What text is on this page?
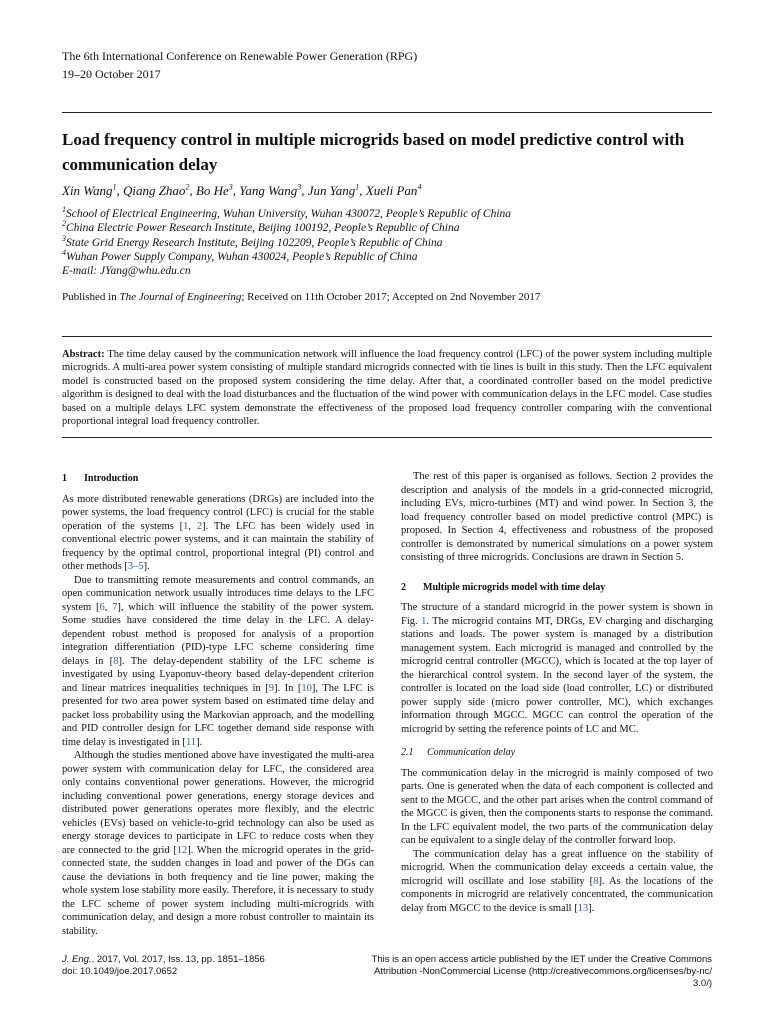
The 6th International Conference on Renewable Power Generation (RPG)
19–20 October 2017
Load frequency control in multiple microgrids based on model predictive control with communication delay
Xin Wang$^1$, Qiang Zhao$^2$, Bo He$^3$, Yang Wang$^3$, Jun Yang$^1$, Xueli Pan$^4$
$^1$School of Electrical Engineering, Wuhan University, Wuhan 430072, People’s Republic of China
$^2$China Electric Power Research Institute, Beijing 100192, People’s Republic of China
$^3$State Grid Energy Research Institute, Beijing 102209, People’s Republic of China
$^4$Wuhan Power Supply Company, Wuhan 430024, People’s Republic of China
E-mail: JYang@whu.edu.cn
Published in The Journal of Engineering; Received on 11th October 2017; Accepted on 2nd November 2017
Abstract: The time delay caused by the communication network will influence the load frequency control (LFC) of the power system including multiple microgrids. A multi-area power system consisting of multiple standard microgrids connected with tie lines is built in this study. Then the LFC equivalent model is constructed based on the proposed system considering the time delay. After that, a coordinated controller based on the model predictive algorithm is designed to deal with the load disturbances and the fluctuation of the wind power with communication delays in the LFC model. Case studies based on a multiple delays LFC system demonstrate the effectiveness of the proposed load frequency controller comparing with the conventional proportional integral load frequency controller.
1 Introduction

As more distributed renewable generations (DRGs) are included into the power systems, the load frequency control (LFC) is crucial for the stable operation of the systems [1, 2]. The LFC has been widely used in conventional electric power systems, and it can maintain the stability of frequency by the optimal control, proportional integral (PI) control and other methods [3–5].

Due to transmitting remote measurements and control commands, an open communication network usually introduces time delays to the LFC system [6, 7], which will influence the stability of the power system. Some studies have considered the time delay in the LFC. A delay-dependent robust method is proposed for analysis of a proportion integration differentiation (PID)-type LFC scheme considering time delays in [8]. The delay-dependent stability of the LFC scheme is investigated by using Lyaponuv-theory based delay-dependent criterion and linear matrices inequalities techniques in [9]. In [10], The LFC is presented for two area power system based on estimated time delay and packet loss probability using the Markovian approach, and the modelling and PID controller design for LFC together demand side response with time delay is investigated in [11].

Although the studies mentioned above have investigated the multi-area power system with communication delay for LFC, the considered area only contains conventional power generations. However, the microgrid including conventional power generations, energy storage devices and distributed power generations operates more flexibly, and the electric vehicles (EVs) based on vehicle-to-grid technology can also be used as energy storage devices to participate in LFC to reduce costs when they are connected to the grid [12]. When the microgrid operates in the grid-connected state, the sudden changes in load and power of the DGs can cause the deviations in both frequency and tie line power, making the whole system lose stability more easily. Therefore, it is necessary to study the LFC scheme of power system including multi-microgrids with communication delay, and design a more robust controller to maintain its stability.

The rest of this paper is organised as follows. Section 2 provides the description and analysis of the models in a grid-connected microgrid, including EVs, micro-turbines (MT) and wind power. In Section 3, the load frequency controller based on model predictive control (MPC) is proposed. In Section 4, effectiveness and robustness of the proposed controller is demonstrated by numerical simulations on a power system consisting of three microgrids. Conclusions are drawn in Section 5.

2 Multiple microgrids model with time delay

The structure of a standard microgrid in the power system is shown in Fig. 1. The microgrid contains MT, DRGs, EV charging and discharging stations and loads. The power system is managed by a distribution management system. Each microgrid is managed and controlled by the microgrid central controller (MGCC), which is located at the top layer of the hierarchical control system. In the second layer of the system, the controller is located on the load side (load controller, LC) or distributed power supply side (micro power controller, MC), which exchanges information through MGCC. MGCC can control the operation of the microgrid by setting the reference points of LC and MC.

2.1 Communication delay

The communication delay in the microgrid is mainly composed of two parts. One is generated when the data of each component is collected and sent to the MGCC, and the other part arises when the control command of the MGCC is given, then the components starts to response the command. In the LFC equivalent model, the two parts of the communication delay can be equivalent to a single delay of the controller forward loop.

The communication delay has a great influence on the stability of microgrid. When the communication delay exceeds a certain value, the microgrid will oscillate and lose stability [8]. As the locations of the components in microgrid are relatively concentrated, the communication delay from MGCC to the device is small [13].

J. Eng., 2017, Vol. 2017, Iss. 13, pp. 1851–1856
doi: 10.1049/joe.2017.0652
This is an open access article published by the IET under the Creative Commons
Attribution -NonCommercial License (http://creativecommons.org/licenses/by-nc/
3.0/)
